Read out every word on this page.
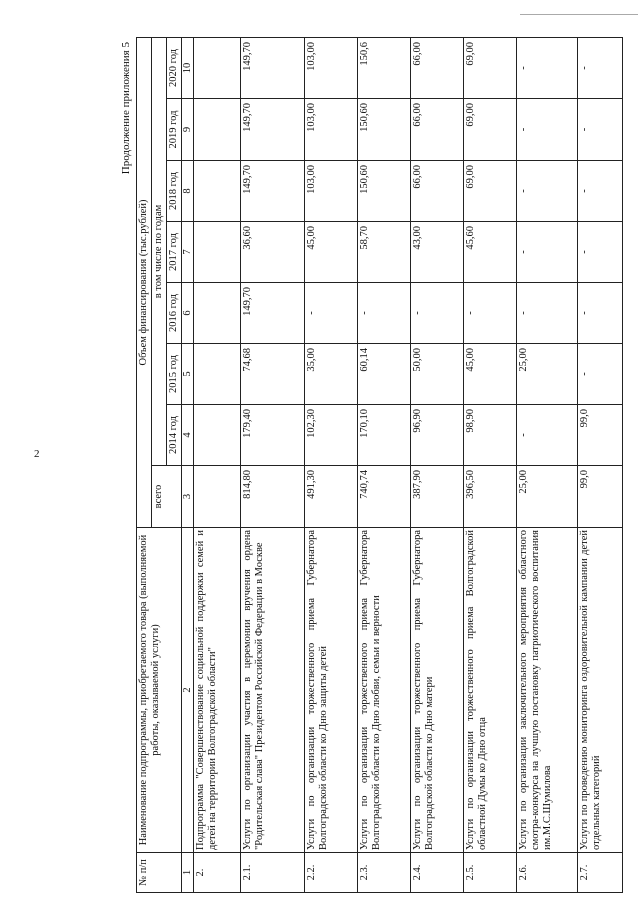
2
Продолжение приложения 5
№ п/п	Наименование подпрограммы, приобретаемого товара (выполняемой работы, оказываемой услуги)	Объем финансирования (тыс.рублей)							
		всего	в том числе по годам						
			2014 год	2015 год	2016 год	2017 год	2018 год	2019 год	2020 год
1	2	3	4	5	6	7	8	9	10
2.	Подпрограмма "Совершенствование социальной поддержки семей и детей на территории Волгоградской области"								
2.1.	Услуги по организации участия в церемонии вручения ордена "Родительская слава" Президентом Российской Федерации в Москве	814,80	179,40	74,68	149,70	36,60	149,70	149,70	149,70
2.2.	Услуги по организации торжественного приема Губернатора Волгоградской области ко Дню защиты детей	491,30	102,30	35,00	-	45,00	103,00	103,00	103,00
2.3.	Услуги по организации торжественного приема Губернатора Волгоградской области ко Дню любви, семьи и верности	740,74	170,10	60,14	-	58,70	150,60	150,60	150,6
2.4.	Услуги по организации торжественного приема Губернатора Волгоградской области ко Дню матери	387,90	96,90	50,00	-	43,00	66,00	66,00	66,00
2.5.	Услуги по организации торжественного приема Волгоградской областной Думы ко Дню отца	396,50	98,90	45,00	-	45,60	69,00	69,00	69,00
2.6.	Услуги по организации заключительного мероприятия областного смотра-конкурса на лучшую постановку патриотического воспитания им.М.С.Шумилова	25,00	-	25,00	-	-	-	-	-
2.7.	Услуги по проведению мониторинга оздоровительной кампании детей отдельных категорий	99,0	99,0	-	-	-	-	-	-
